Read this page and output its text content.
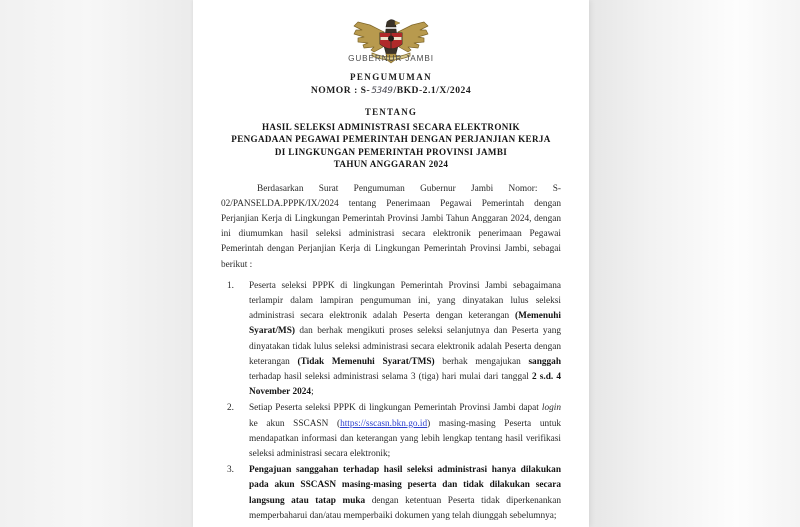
GUBERNUR JAMBI
PENGUMUMAN
NOMOR : S-5349/BKD-2.1/X/2024
TENTANG
HASIL SELEKSI ADMINISTRASI SECARA ELEKTRONIK
PENGADAAN PEGAWAI PEMERINTAH DENGAN PERJANJIAN KERJA
DI LINGKUNGAN PEMERINTAH PROVINSI JAMBI
TAHUN ANGGARAN 2024

Berdasarkan Surat Pengumuman Gubernur Jambi Nomor: S-02/PANSELDA.PPPK/IX/2024 tentang Penerimaan Pegawai Pemerintah dengan Perjanjian Kerja di Lingkungan Pemerintah Provinsi Jambi Tahun Anggaran 2024, dengan ini diumumkan hasil seleksi administrasi secara elektronik penerimaan Pegawai Pemerintah dengan Perjanjian Kerja di Lingkungan Pemerintah Provinsi Jambi, sebagai berikut :

1.	Peserta seleksi PPPK di lingkungan Pemerintah Provinsi Jambi sebagaimana terlampir dalam lampiran pengumuman ini, yang dinyatakan lulus seleksi administrasi secara elektronik adalah Peserta dengan keterangan (Memenuhi Syarat/MS) dan berhak mengikuti proses seleksi selanjutnya dan Peserta yang dinyatakan tidak lulus seleksi administrasi secara elektronik adalah Peserta dengan keterangan (Tidak Memenuhi Syarat/TMS) berhak mengajukan sanggah terhadap hasil seleksi administrasi selama 3 (tiga) hari mulai dari tanggal 2 s.d. 4 November 2024;
2.	Setiap Peserta seleksi PPPK di lingkungan Pemerintah Provinsi Jambi dapat login ke akun SSCASN (https://sscasn.bkn.go.id) masing-masing Peserta untuk mendapatkan informasi dan keterangan yang lebih lengkap tentang hasil verifikasi seleksi administrasi secara elektronik;
3.	Pengajuan sanggahan terhadap hasil seleksi administrasi hanya dilakukan pada akun SSCASN masing-masing peserta dan tidak dilakukan secara langsung atau tatap muka dengan ketentuan Peserta tidak diperkenankan memperbaharui dan/atau memperbaiki dokumen yang telah diunggah sebelumnya;
